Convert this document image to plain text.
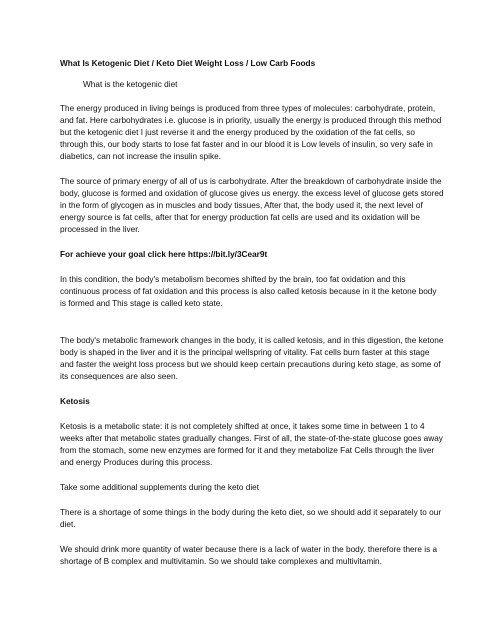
What Is Ketogenic Diet / Keto Diet Weight Loss / Low Carb Foods

What is the ketogenic diet

The energy produced in living beings is produced from three types of molecules: carbohydrate, protein, and fat. Here carbohydrates i.e. glucose is in priority, usually the energy is produced through this method but the ketogenic diet I just reverse it and the energy produced by the oxidation of the fat cells, so through this, our body starts to lose fat faster and in our blood it is Low levels of insulin, so very safe in diabetics, can not increase the insulin spike.

The source of primary energy of all of us is carbohydrate. After the breakdown of carbohydrate inside the body, glucose is formed and oxidation of glucose gives us energy. the excess level of glucose gets stored in the form of glycogen as in muscles and body tissues, After that, the body used it, the next level of energy source is fat cells, after that for energy production fat cells are used and its oxidation will be processed in the liver.

For achieve your goal click here https://bit.ly/3Cear9t

In this condition, the body's metabolism becomes shifted by the brain, too fat oxidation and this continuous process of fat oxidation and this process is also called ketosis because in it the ketone body is formed and This stage is called keto state.

The body's metabolic framework changes in the body, it is called ketosis, and in this digestion, the ketone body is shaped in the liver and it is the principal wellspring of vitality. Fat cells burn faster at this stage and faster the weight loss process but we should keep certain precautions during keto stage, as some of its consequences are also seen.

Ketosis

Ketosis is a metabolic state: it is not completely shifted at once, it takes some time in between 1 to 4 weeks after that metabolic states gradually changes. First of all, the state-of-the-state glucose goes away from the stomach, some new enzymes are formed for it and they metabolize Fat Cells through the liver and energy Produces during this process.

Take some additional supplements during the keto diet

There is a shortage of some things in the body during the keto diet, so we should add it separately to our diet.

We should drink more quantity of water because there is a lack of water in the body. therefore there is a shortage of B complex and multivitamin. So we should take complexes and multivitamin.
